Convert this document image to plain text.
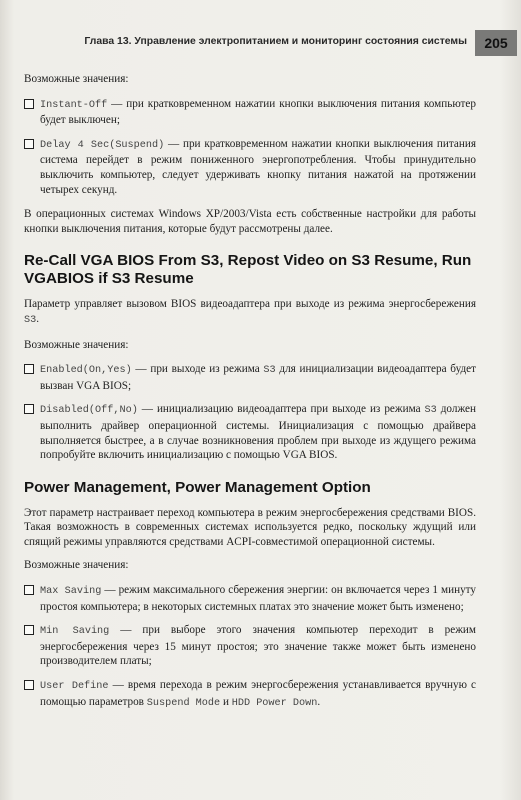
Глава 13. Управление электропитанием и мониторинг состояния системы	205

Возможные значения:

Instant-Off — при кратковременном нажатии кнопки выключения питания компьютер будет выключен;
Delay 4 Sec(Suspend) — при кратковременном нажатии кнопки выключения питания система перейдет в режим пониженного энергопотребления. Чтобы принудительно выключить компьютер, следует удерживать кнопку питания нажатой на протяжении четырех секунд.

В операционных системах Windows XP/2003/Vista есть собственные настройки для работы кнопки выключения питания, которые будут рассмотрены далее.

Re-Call VGA BIOS From S3, Repost Video on S3 Resume, Run VGABIOS if S3 Resume

Параметр управляет вызовом BIOS видеоадаптера при выходе из режима энергосбережения S3.

Возможные значения:

Enabled(On,Yes) — при выходе из режима S3 для инициализации видеоадаптера будет вызван VGA BIOS;
Disabled(Off,No) — инициализацию видеоадаптера при выходе из режима S3 должен выполнить драйвер операционной системы. Инициализация с помощью драйвера выполняется быстрее, а в случае возникновения проблем при выходе из ждущего режима попробуйте включить инициализацию с помощью VGA BIOS.
Power Management, Power Management Option

Этот параметр настраивает переход компьютера в режим энергосбережения средствами BIOS. Такая возможность в современных системах используется редко, поскольку ждущий или спящий режимы управляются средствами ACPI-совместимой операционной системы.

Возможные значения:

Max Saving — режим максимального сбережения энергии: он включается через 1 минуту простоя компьютера; в некоторых системных платах это значение может быть изменено;
Min Saving — при выборе этого значения компьютер переходит в режим энергосбережения через 15 минут простоя; это значение также может быть изменено производителем платы;
User Define — время перехода в режим энергосбережения устанавливается вручную с помощью параметров Suspend Mode и HDD Power Down.
